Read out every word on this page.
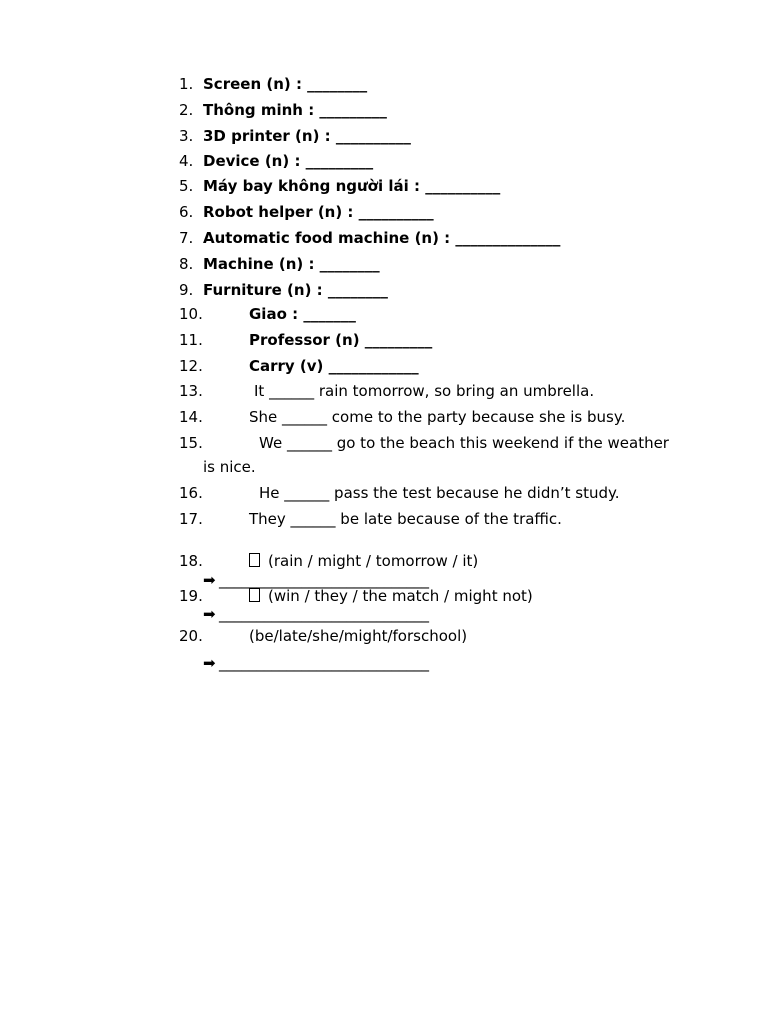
1. Screen (n) : ________
2. Thông minh : _________
3. 3D printer (n) : __________
4. Device (n) : _________
5. Máy bay không người lái : __________
6. Robot helper (n) : __________
7. Automatic food machine (n) : ______________
8. Machine (n) : ________
9. Furniture (n) : ________
10.	Giao : _______
11.	Professor (n) _________
12.	Carry (v) ____________
13.	It ______ rain tomorrow, so bring an umbrella.
14.	She ______ come to the party because she is busy.
15.	We ______ go to the beach this weekend if the weather
is nice.
16.	He ______ pass the test because he didn’t study.
17.	They ______ be late because of the traffic.
18.	(rain / might / tomorrow / it)
➡ ____________________________
19.	(win / they / the match / might not)
➡ ____________________________
20.	(be/late/she/might/forschool)
➡ ____________________________
